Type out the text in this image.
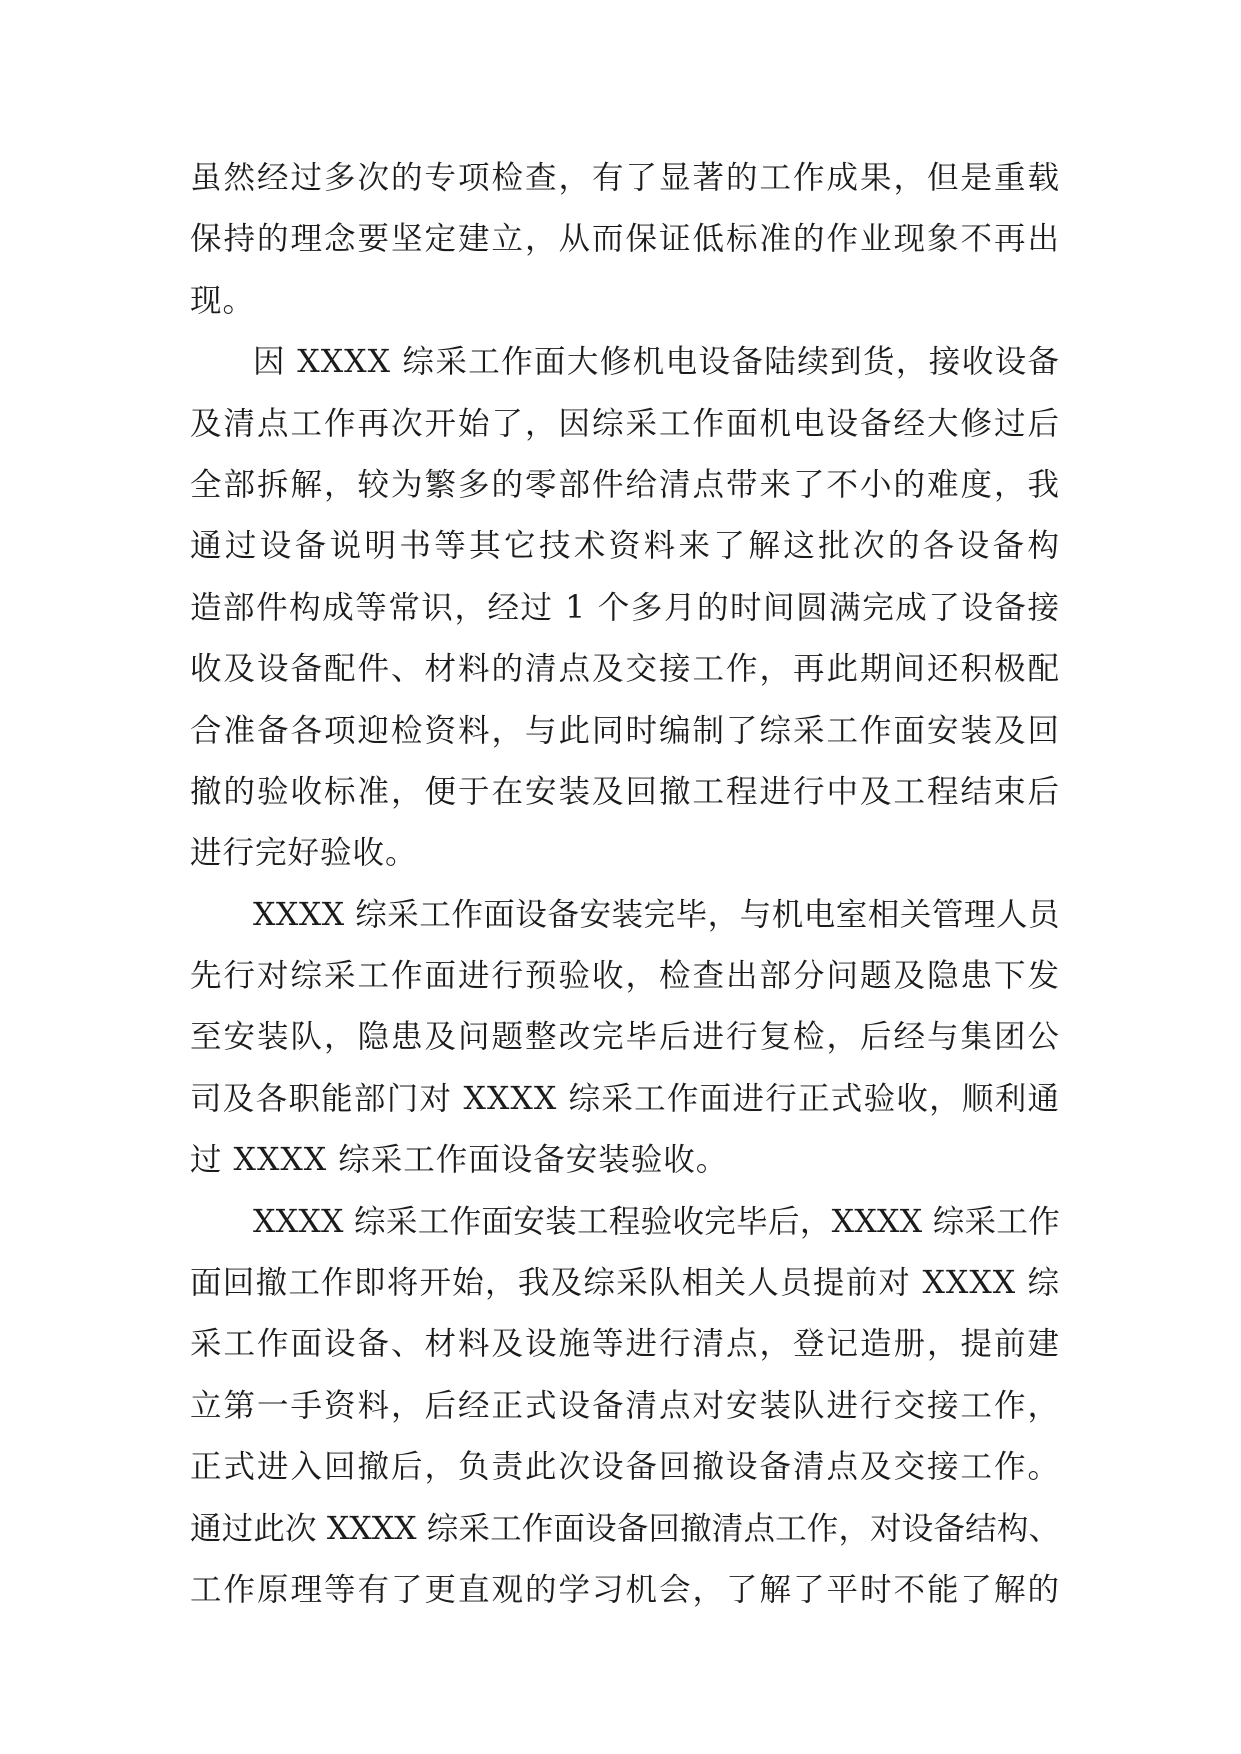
虽然经过多次的专项检查，有了显著的工作成果，但是重载
保持的理念要坚定建立，从而保证低标准的作业现象不再出
现。
因 XXXX 综采工作面大修机电设备陆续到货，接收设备
及清点工作再次开始了，因综采工作面机电设备经大修过后
全部拆解，较为繁多的零部件给清点带来了不小的难度，我
通过设备说明书等其它技术资料来了解这批次的各设备构
造部件构成等常识，经过 1 个多月的时间圆满完成了设备接
收及设备配件、材料的清点及交接工作，再此期间还积极配
合准备各项迎检资料，与此同时编制了综采工作面安装及回
撤的验收标准，便于在安装及回撤工程进行中及工程结束后
进行完好验收。
XXXX 综采工作面设备安装完毕，与机电室相关管理人员
先行对综采工作面进行预验收，检查出部分问题及隐患下发
至安装队，隐患及问题整改完毕后进行复检，后经与集团公
司及各职能部门对 XXXX 综采工作面进行正式验收，顺利通
过 XXXX 综采工作面设备安装验收。
XXXX 综采工作面安装工程验收完毕后，XXXX 综采工作
面回撤工作即将开始，我及综采队相关人员提前对 XXXX 综
采工作面设备、材料及设施等进行清点，登记造册，提前建
立第一手资料，后经正式设备清点对安装队进行交接工作，
正式进入回撤后，负责此次设备回撤设备清点及交接工作。
通过此次 XXXX 综采工作面设备回撤清点工作，对设备结构、
工作原理等有了更直观的学习机会，了解了平时不能了解的
